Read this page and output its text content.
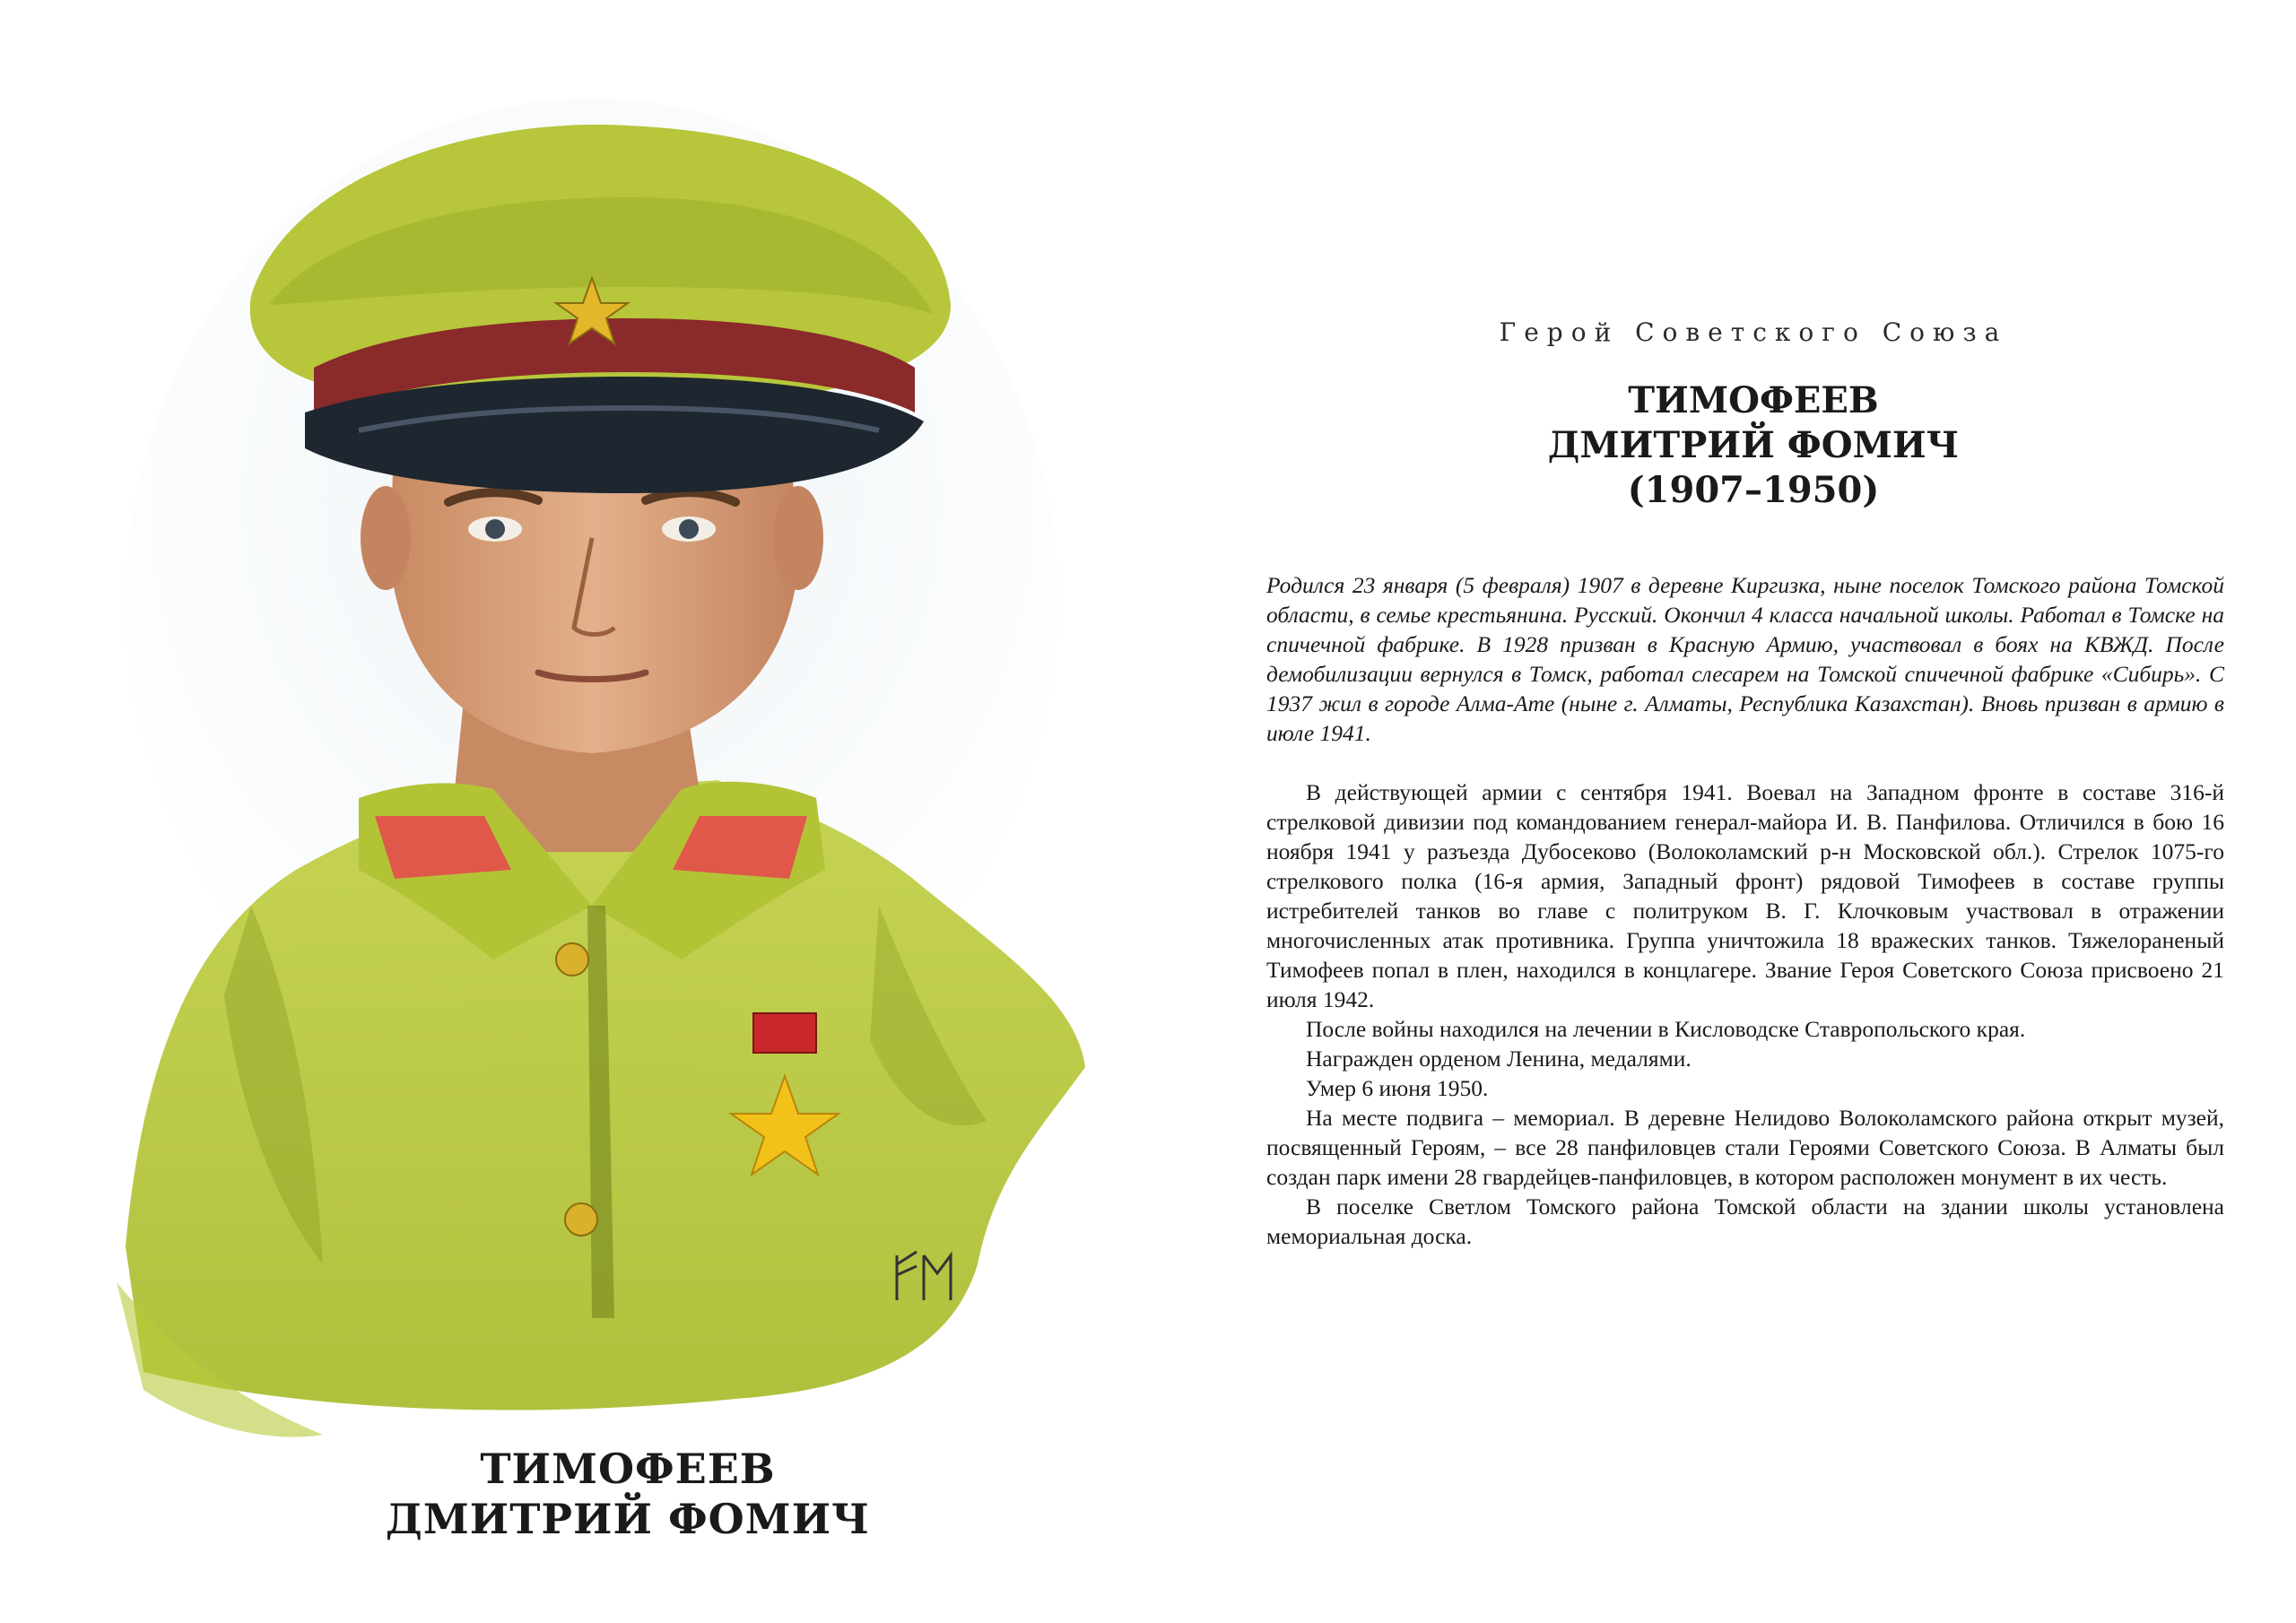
ТИМОФЕЕВ
ДМИТРИЙ ФОМИЧ
Герой Советского Союза
ТИМОФЕЕВ
ДМИТРИЙ ФОМИЧ
(1907–1950)

Родился 23 января (5 февраля) 1907 в деревне Киргизка, ныне поселок Томского района Томской области, в семье крестьянина. Русский. Окончил 4 класса начальной школы. Работал в Томске на спичечной фабрике. В 1928 призван в Красную Армию, участвовал в боях на КВЖД. После демобилизации вернулся в Томск, работал слесарем на Томской спичечной фабрике «Сибирь». С 1937 жил в городе Алма-Ате (ныне г. Алматы, Республика Казахстан). Вновь призван в армию в июле 1941.

В действующей армии с сентября 1941. Воевал на Западном фронте в составе 316-й стрелковой дивизии под командованием генерал-майора И. В. Панфилова. Отличился в бою 16 ноября 1941 у разъезда Дубосеково (Волоколамский р-н Московской обл.). Стрелок 1075-го стрелкового полка (16-я армия, Западный фронт) рядовой Тимофеев в составе группы истребителей танков во главе с политруком В. Г. Клочковым участвовал в отражении многочисленных атак противника. Группа уничтожила 18 вражеских танков. Тяжелораненый Тимофеев попал в плен, находился в концлагере. Звание Героя Советского Союза присвоено 21 июля 1942.

После войны находился на лечении в Кисловодске Ставропольского края.

Награжден орденом Ленина, медалями.

Умер 6 июня 1950.

На месте подвига – мемориал. В деревне Нелидово Волоколамского района открыт музей, посвященный Героям, – все 28 панфиловцев стали Героями Советского Союза. В Алматы был создан парк имени 28 гвардейцев-панфиловцев, в котором расположен монумент в их честь.

В поселке Светлом Томского района Томской области на здании школы установлена мемориальная доска.
